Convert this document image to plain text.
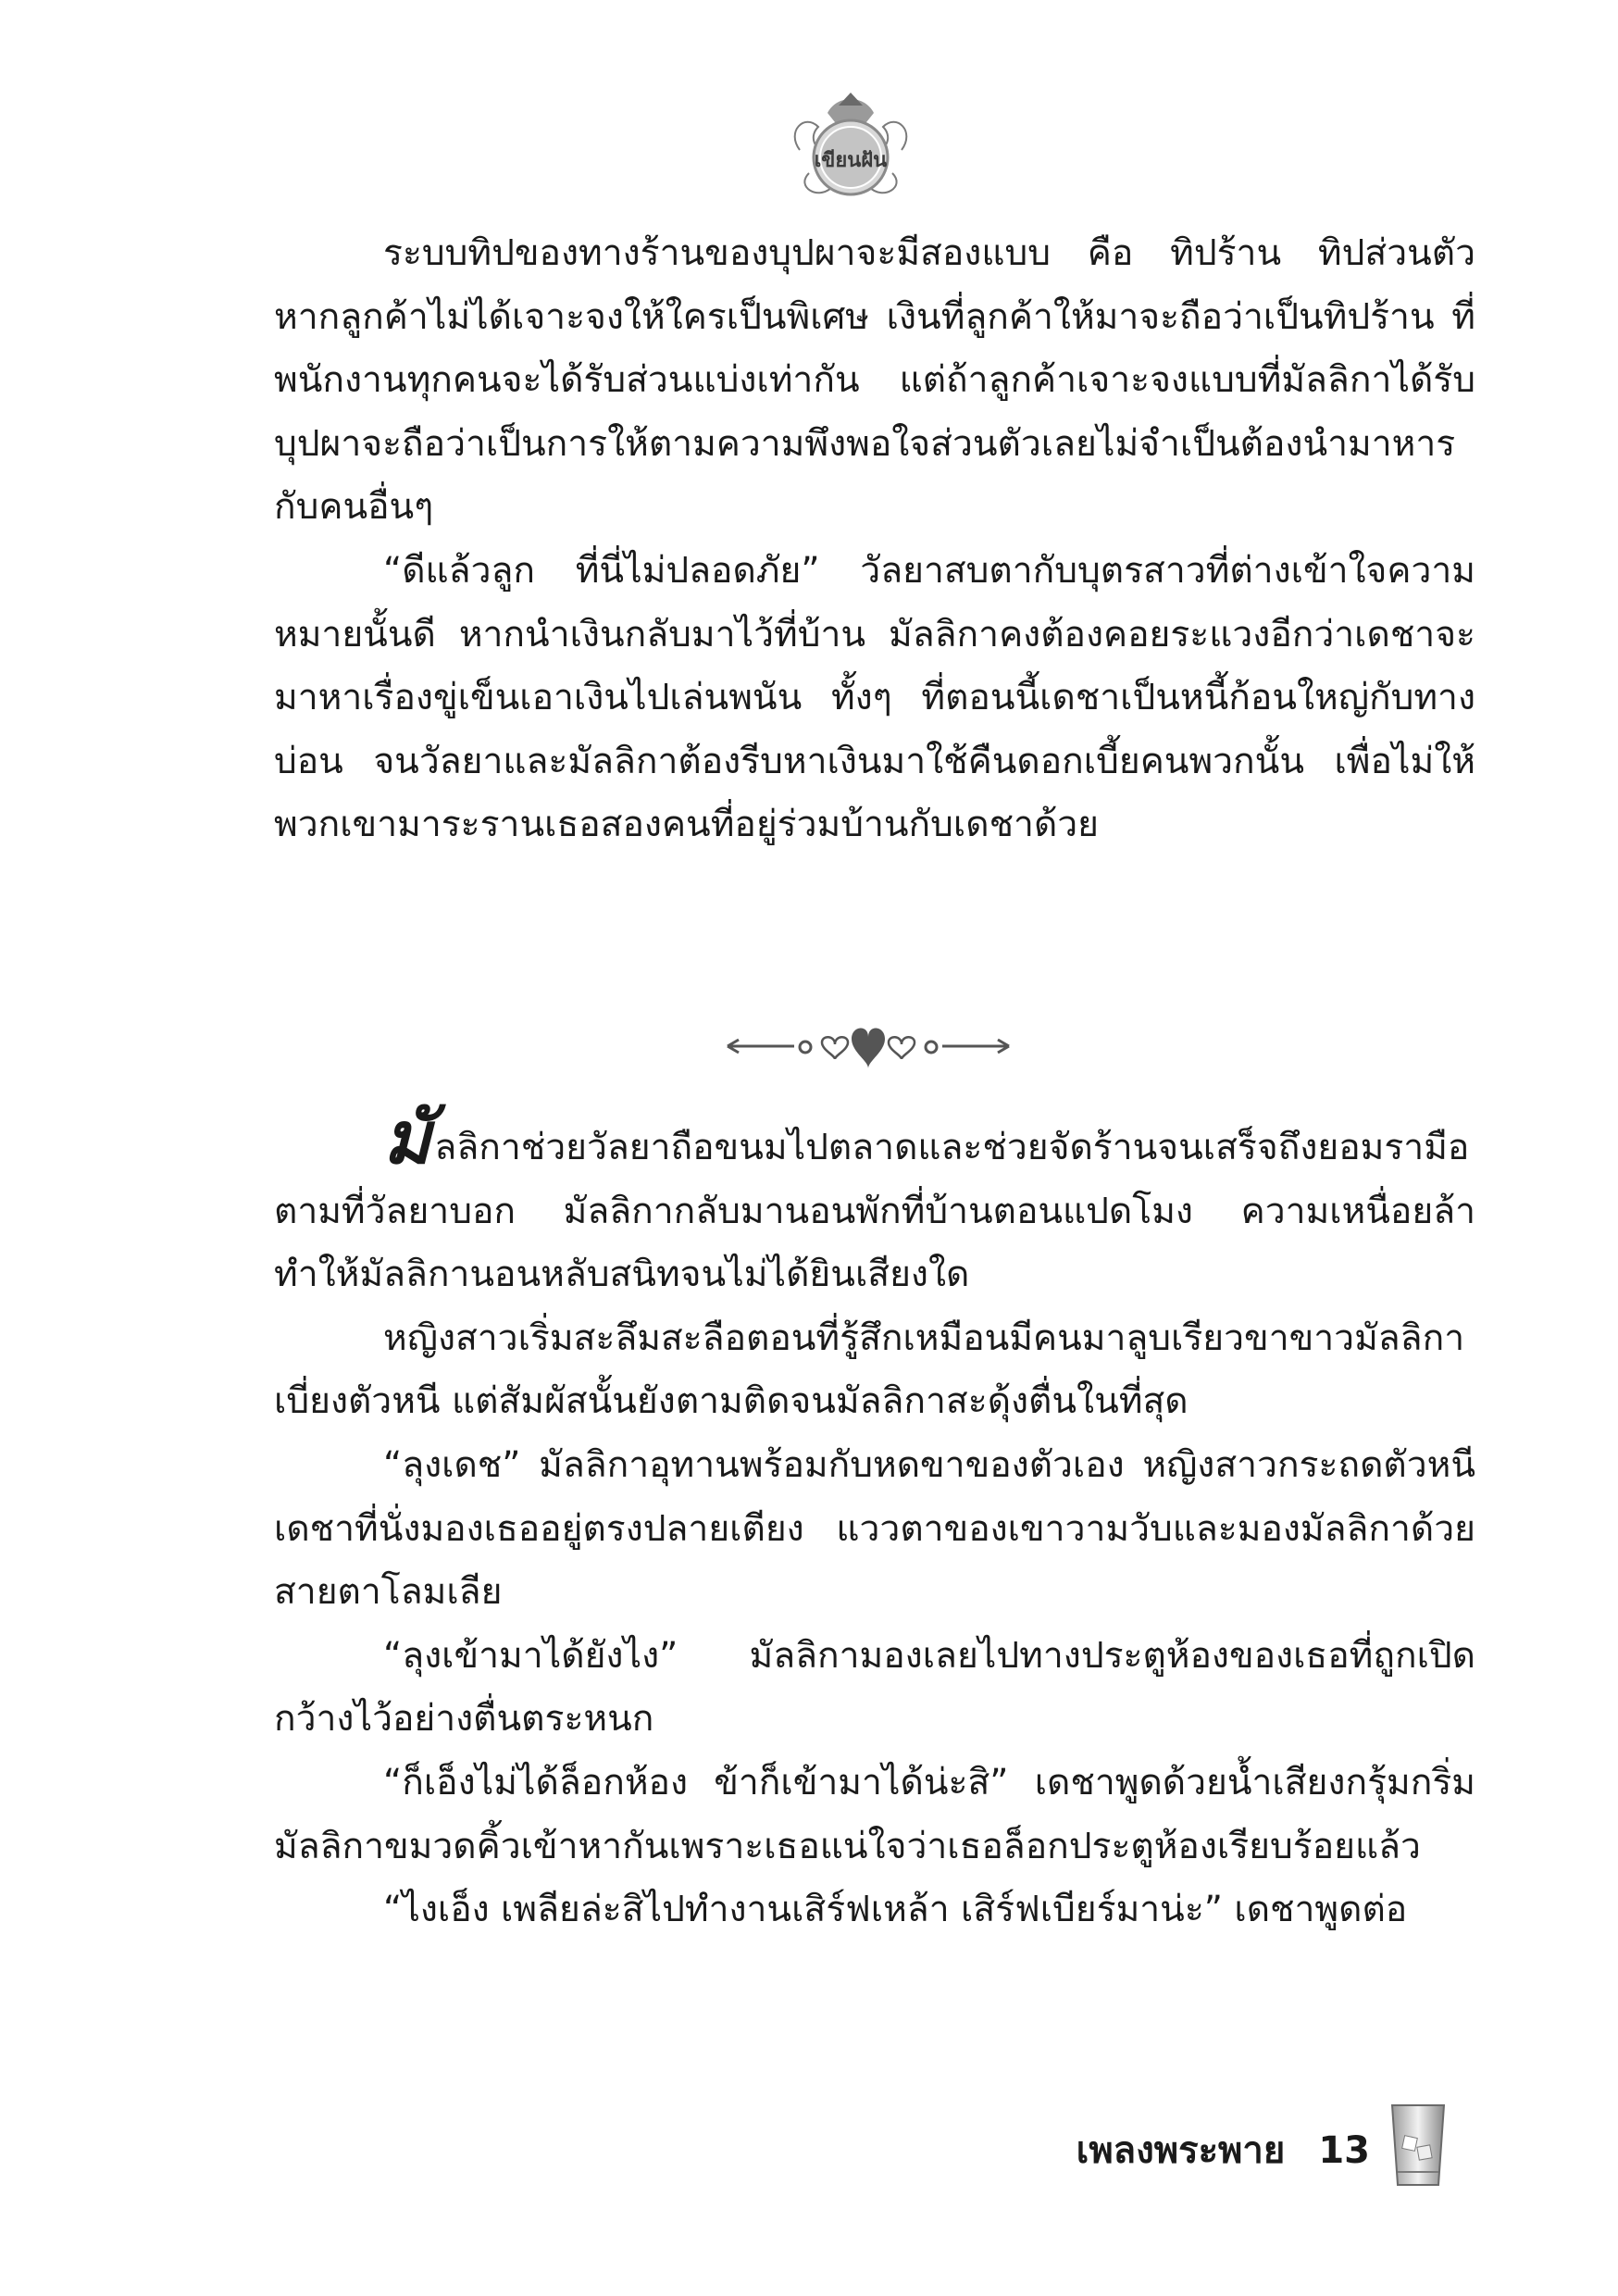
เขียนฝัน

ระบบทิปของทางร้านของบุปผาจะมีสองแบบ คือ ทิปร้าน ทิปส่วนตัว หากลูกค้าไม่ได้เจาะจงให้ใครเป็นพิเศษ เงินที่ลูกค้าให้มาจะถือว่าเป็นทิปร้าน ที่พนักงานทุกคนจะได้รับส่วนแบ่งเท่ากัน แต่ถ้าลูกค้าเจาะจงแบบที่มัลลิกาได้รับ บุปผาจะถือว่าเป็นการให้ตามความพึงพอใจส่วนตัวเลยไม่จำเป็นต้องนำมาหารกับคนอื่นๆ

“ดีแล้วลูก ที่นี่ไม่ปลอดภัย” วัลยาสบตากับบุตรสาวที่ต่างเข้าใจความหมายนั้นดี หากนำเงินกลับมาไว้ที่บ้าน มัลลิกาคงต้องคอยระแวงอีกว่าเดชาจะมาหาเรื่องขู่เข็นเอาเงินไปเล่นพนัน ทั้งๆ ที่ตอนนี้เดชาเป็นหนี้ก้อนใหญ่กับทางบ่อน จนวัลยาและมัลลิกาต้องรีบหาเงินมาใช้คืนดอกเบี้ยคนพวกนั้น เพื่อไม่ให้พวกเขามาระรานเธอสองคนที่อยู่ร่วมบ้านกับเดชาด้วย

มัลลิกาช่วยวัลยาถือขนมไปตลาดและช่วยจัดร้านจนเสร็จถึงยอมรามือตามที่วัลยาบอก มัลลิกากลับมานอนพักที่บ้านตอนแปดโมง ความเหนื่อยล้าทำให้มัลลิกานอนหลับสนิทจนไม่ได้ยินเสียงใด

หญิงสาวเริ่มสะลึมสะลือตอนที่รู้สึกเหมือนมีคนมาลูบเรียวขาขาวมัลลิกาเบี่ยงตัวหนี แต่สัมผัสนั้นยังตามติดจนมัลลิกาสะดุ้งตื่นในที่สุด

“ลุงเดช” มัลลิกาอุทานพร้อมกับหดขาของตัวเอง หญิงสาวกระถดตัวหนีเดชาที่นั่งมองเธออยู่ตรงปลายเตียง แววตาของเขาวามวับและมองมัลลิกาด้วยสายตาโลมเลีย

“ลุงเข้ามาได้ยังไง” มัลลิกามองเลยไปทางประตูห้องของเธอที่ถูกเปิดกว้างไว้อย่างตื่นตระหนก

“ก็เอ็งไม่ได้ล็อกห้อง ข้าก็เข้ามาได้น่ะสิ” เดชาพูดด้วยน้ำเสียงกรุ้มกริ่มมัลลิกาขมวดคิ้วเข้าหากันเพราะเธอแน่ใจว่าเธอล็อกประตูห้องเรียบร้อยแล้ว

“ไงเอ็ง เพลียล่ะสิไปทำงานเสิร์ฟเหล้า เสิร์ฟเบียร์มาน่ะ” เดชาพูดต่อ

เพลงพระพาย 13
